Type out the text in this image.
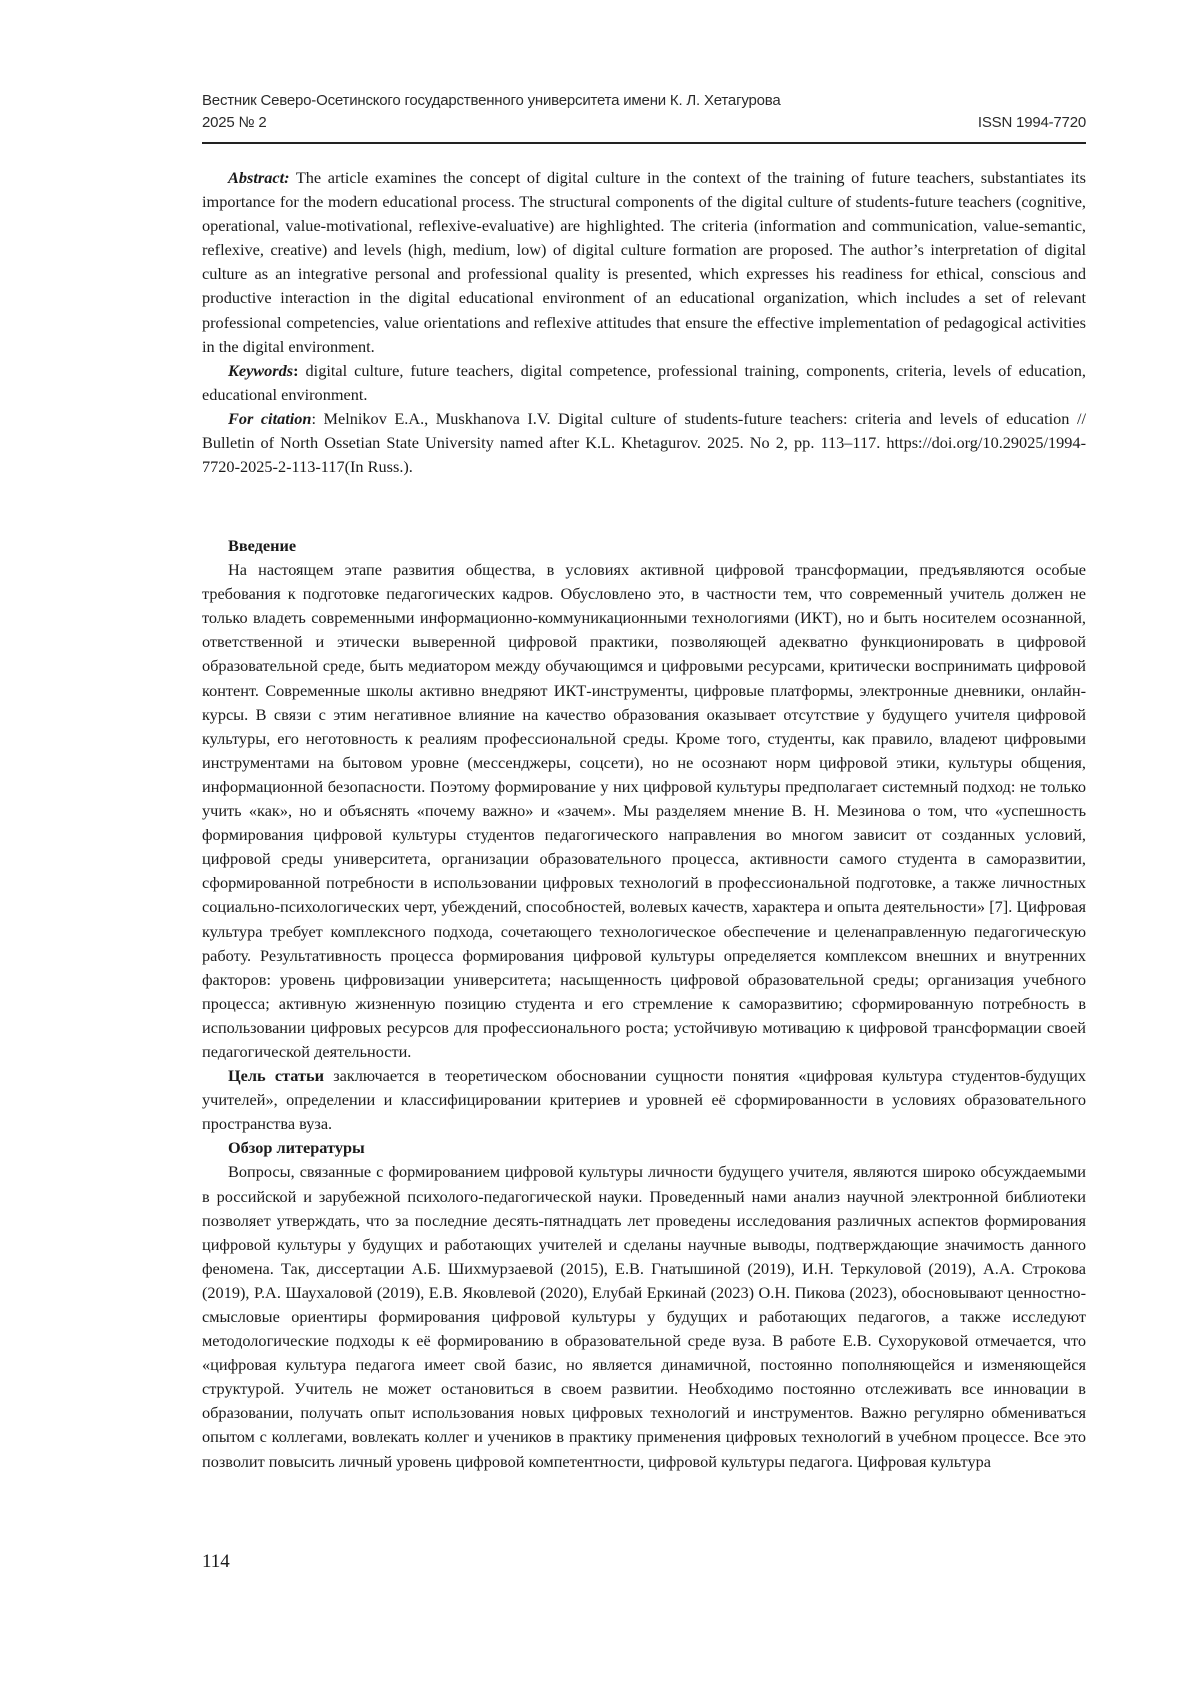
Вестник Северо-Осетинского государственного университета имени К. Л. Хетагурова
2025 № 2	ISSN 1994-7720

Abstract: The article examines the concept of digital culture in the context of the training of future teachers, substantiates its importance for the modern educational process. The structural components of the digital culture of students-future teachers (cognitive, operational, value-motivational, reflexive-evaluative) are highlighted. The criteria (information and communication, value-semantic, reflexive, creative) and levels (high, medium, low) of digital culture formation are proposed. The author’s interpretation of digital culture as an integrative personal and professional quality is presented, which expresses his readiness for ethical, conscious and productive interaction in the digital educational environment of an educational organization, which includes a set of relevant professional competencies, value orientations and reflexive attitudes that ensure the effective implementation of pedagogical activities in the digital environment.

Keywords: digital culture, future teachers, digital competence, professional training, components, criteria, levels of education, educational environment.

For citation: Melnikov E.A., Muskhanova I.V. Digital culture of students-future teachers: criteria and levels of education // Bulletin of North Ossetian State University named after K.L. Khetagurov. 2025. No 2, pp. 113–117. https://doi.org/10.29025/1994-7720-2025-2-113-117(In Russ.).

Введение

На настоящем этапе развития общества, в условиях активной цифровой трансформации, предъявляются особые требования к подготовке педагогических кадров. Обусловлено это, в частности тем, что современный учитель должен не только владеть современными информационно-коммуникационными технологиями (ИКТ), но и быть носителем осознанной, ответственной и этически выверенной цифровой практики, позволяющей адекватно функционировать в цифровой образовательной среде, быть медиатором между обучающимся и цифровыми ресурсами, критически воспринимать цифровой контент. Современные школы активно внедряют ИКТ-инструменты, цифровые платформы, электронные дневники, онлайн-курсы. В связи с этим негативное влияние на качество образования оказывает отсутствие у будущего учителя цифровой культуры, его неготовность к реалиям профессиональной среды. Кроме того, студенты, как правило, владеют цифровыми инструментами на бытовом уровне (мессенджеры, соцсети), но не осознают норм цифровой этики, культуры общения, информационной безопасности. Поэтому формирование у них цифровой культуры предполагает системный подход: не только учить «как», но и объяснять «почему важно» и «зачем». Мы разделяем мнение В. Н. Мезинова о том, что «успешность формирования цифровой культуры студентов педагогического направления во многом зависит от созданных условий, цифровой среды университета, организации образовательного процесса, активности самого студента в саморазвитии, сформированной потребности в использовании цифровых технологий в профессиональной подготовке, а также личностных социально-психологических черт, убеждений, способностей, волевых качеств, характера и опыта деятельности» [7]. Цифровая культура требует комплексного подхода, сочетающего технологическое обеспечение и целенаправленную педагогическую работу. Результативность процесса формирования цифровой культуры определяется комплексом внешних и внутренних факторов: уровень цифровизации университета; насыщенность цифровой образовательной среды; организация учебного процесса; активную жизненную позицию студента и его стремление к саморазвитию; сформированную потребность в использовании цифровых ресурсов для профессионального роста; устойчивую мотивацию к цифровой трансформации своей педагогической деятельности.

Цель статьи заключается в теоретическом обосновании сущности понятия «цифровая культура студентов-будущих учителей», определении и классифицировании критериев и уровней её сформированности в условиях образовательного пространства вуза.

Обзор литературы

Вопросы, связанные с формированием цифровой культуры личности будущего учителя, являются широко обсуждаемыми в российской и зарубежной психолого-педагогической науки. Проведенный нами анализ научной электронной библиотеки позволяет утверждать, что за последние десять-пятнадцать лет проведены исследования различных аспектов формирования цифровой культуры у будущих и работающих учителей и сделаны научные выводы, подтверждающие значимость данного феномена. Так, диссертации А.Б. Шихмурзаевой (2015), Е.В. Гнатышиной (2019), И.Н. Теркуловой (2019), А.А. Строкова (2019), Р.А. Шаухаловой (2019), Е.В. Яковлевой (2020), Елубай Еркинай (2023) О.Н. Пикова (2023), обосновывают ценностно-смысловые ориентиры формирования цифровой культуры у будущих и работающих педагогов, а также исследуют методологические подходы к её формированию в образовательной среде вуза. В работе Е.В. Сухоруковой отмечается, что «цифровая культура педагога имеет свой базис, но является динамичной, постоянно пополняющейся и изменяющейся структурой. Учитель не может остановиться в своем развитии. Необходимо постоянно отслеживать все инновации в образовании, получать опыт использования новых цифровых технологий и инструментов. Важно регулярно обмениваться опытом с коллегами, вовлекать коллег и учеников в практику применения цифровых технологий в учебном процессе. Все это позволит повысить личный уровень цифровой компетентности, цифровой культуры педагога. Цифровая культура

114
